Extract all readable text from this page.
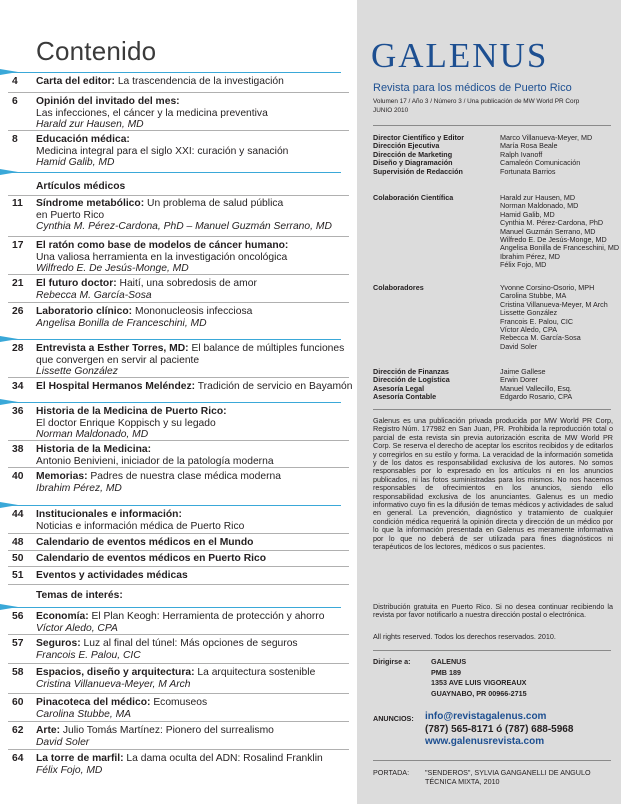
Contenido
4	Carta del editor: La trascendencia de la investigación
6	Opinión del invitado del mes:
Las infecciones, el cáncer y la medicina preventiva
Harald zur Hausen, MD
8	Educación médica:
Medicina integral para el siglo XXI: curación y sanación
Hamid Galib, MD
11	Síndrome metabólico: Un problema de salud pública
en Puerto Rico
Cynthia M. Pérez-Cardona, PhD – Manuel Guzmán Serrano, MD
17	El ratón como base de modelos de cáncer humano:
Una valiosa herramienta en la investigación oncológica
Wilfredo E. De Jesús-Monge, MD
21	El futuro doctor: Haití, una sobredosis de amor
Rebecca M. García-Sosa
26	Laboratorio clínico: Mononucleosis infecciosa
Angelisa Bonilla de Franceschini, MD
28	Entrevista a Esther Torres, MD: El balance de múltiples funciones
que convergen en servir al paciente
Lissette González
34	El Hospital Hermanos Meléndez: Tradición de servicio en Bayamón
36	Historia de la Medicina de Puerto Rico:
El doctor Enrique Koppisch y su legado
Norman Maldonado, MD
38	Historia de la Medicina:
Antonio Benivieni, iniciador de la patología moderna
40	Memorias: Padres de nuestra clase médica moderna
Ibrahim Pérez, MD
44	Institucionales e información:
Noticias e información médica de Puerto Rico
48	Calendario de eventos médicos en el Mundo
50	Calendario de eventos médicos en Puerto Rico
51	Eventos y actividades médicas
56	Economía: El Plan Keogh: Herramienta de protección y ahorro
Víctor Aledo, CPA
57	Seguros: Luz al final del túnel: Más opciones de seguros
Francois E. Palou, CIC
58	Espacios, diseño y arquitectura: La arquitectura sostenible
Cristina Villanueva-Meyer, M Arch
60	Pinacoteca del médico: Ecomuseos
Carolina Stubbe, MA
62	Arte: Julio Tomás Martínez: Pionero del surrealismo
David Soler
64	La torre de marfil: La dama oculta del ADN: Rosalind Franklin
Félix Fojo, MD
Artículos médicos
Temas de interés:
GALENUS
Revista para los médicos de Puerto Rico
Volumen 17 / Año 3 / Número 3 / Una publicación de MW World PR Corp
JUNIO 2010
Director Científico y Editor	Marco Villanueva-Meyer, MD
Dirección Ejecutiva	María Rosa Beale
Dirección de Marketing	Ralph Ivanoff
Diseño y Diagramación	Camaleón Comunicación
Supervisión de Redacción	Fortunata Barrios
Colaboración Científica	Harald zur Hausen, MD
Norman Maldonado, MD
Hamid Galib, MD
Cynthia M. Pérez-Cardona, PhD
Manuel Guzmán Serrano, MD
Wilfredo E. De Jesús-Monge, MD
Angelisa Bonilla de Franceschini, MD
Ibrahim Pérez, MD
Félix Fojo, MD
Colaboradores	Yvonne Corsino-Osorio, MPH
Carolina Stubbe, MA
Cristina Villanueva-Meyer, M Arch
Lissette González
Francois E. Palou, CIC
Víctor Aledo, CPA
Rebecca M. García-Sosa
David Soler
Dirección de Finanzas	Jaime Gallese
Dirección de Logística	Erwin Dorer
Asesoría Legal	Manuel Vallecillo, Esq.
Asesoría Contable	Edgardo Rosario, CPA
Galenus es una publicación privada producida por MW World PR Corp, Registro Núm. 177982 en San Juan, PR. Prohibida la reproducción total o parcial de esta revista sin previa autorización escrita de MW World PR Corp. Se reserva el derecho de aceptar los escritos recibidos y de editarlos y corregirlos en su estilo y forma. La veracidad de la información sometida y de los datos es responsabilidad exclusiva de los autores. No somos responsables por lo expresado en los artículos ni en los anuncios publicados, ni las fotos suministradas para los mismos. No nos hacemos responsables de ofrecimientos en los anuncios, siendo ello responsabilidad exclusiva de los anunciantes. Galenus es un medio informativo cuyo fin es la difusión de temas médicos y actividades de salud en general. La prevención, diagnóstico y tratamiento de cualquier condición médica requerirá la opinión directa y dirección de un médico por lo que la información presentada en Galenus es meramente informativa por lo que no deberá de ser utilizada para fines diagnósticos ni terapéuticos de los lectores, médicos o sus pacientes.
Distribución gratuita en Puerto Rico. Si no desea continuar recibiendo la revista por favor notificarlo a nuestra dirección postal o electrónica.
All rights reserved. Todos los derechos reservados. 2010.
Dirigirse a:	GALENUS
PMB 189
1353 AVE LUIS VIGOREAUX
GUAYNABO, PR 00966-2715
ANUNCIOS: info@revistagalenus.com
(787) 565-8171 ó (787) 688-5968
www.galenusrevista.com
PORTADA: "SENDEROS", SYLVIA GANGANELLI DE ANGULO
TÉCNICA MIXTA, 2010
